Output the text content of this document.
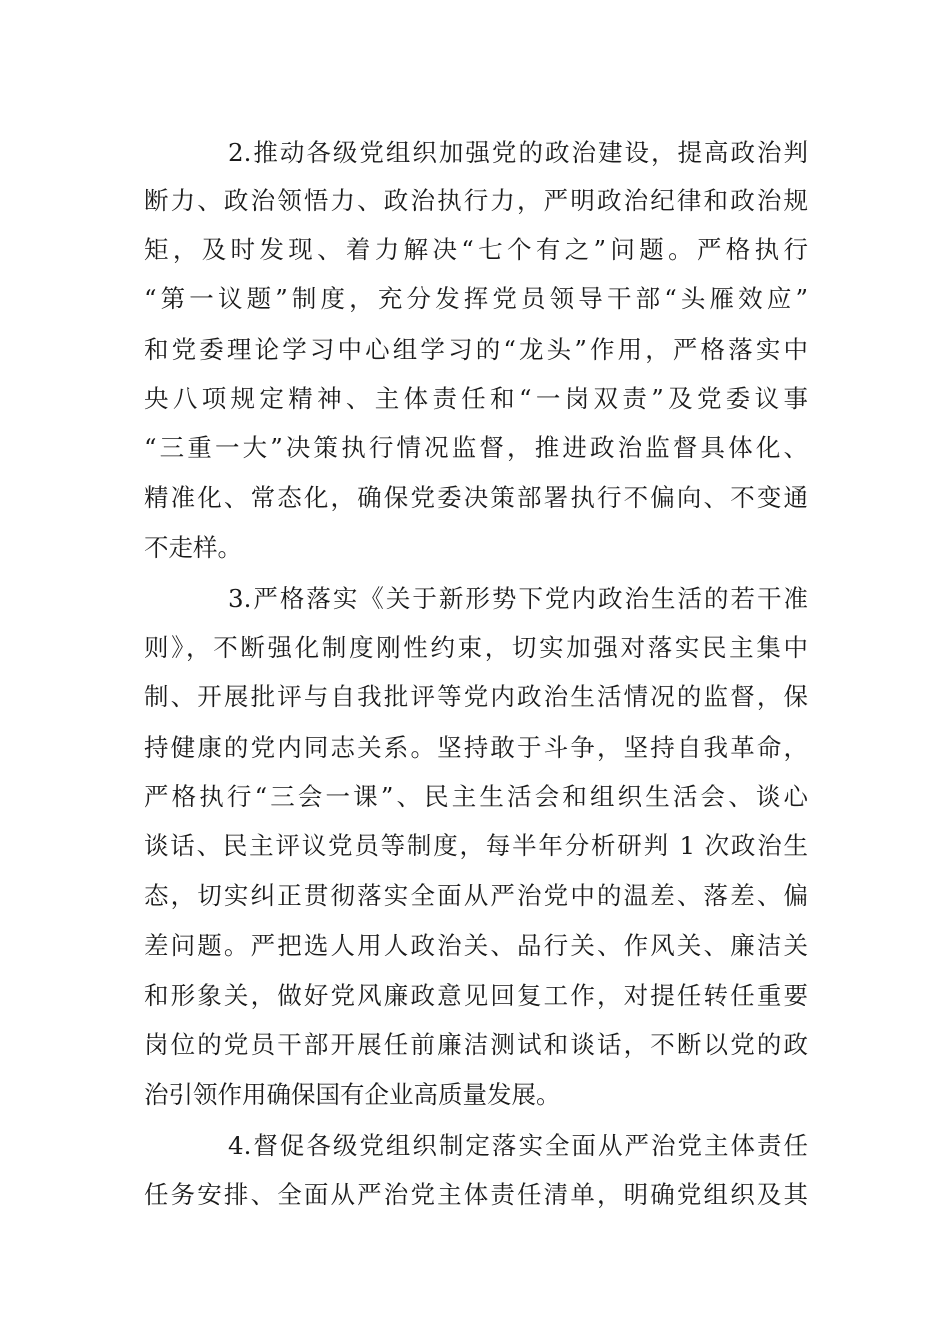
2.推动各级党组织加强党的政治建设，提高政治判
断力、政治领悟力、政治执行力，严明政治纪律和政治规
矩，及时发现、着力解决“七个有之”问题。严格执行
“第一议题”制度，充分发挥党员领导干部“头雁效应”
和党委理论学习中心组学习的“龙头”作用，严格落实中
央八项规定精神、主体责任和“一岗双责”及党委议事
“三重一大”决策执行情况监督，推进政治监督具体化、
精准化、常态化，确保党委决策部署执行不偏向、不变通
不走样。
3.严格落实《关于新形势下党内政治生活的若干准
则》，不断强化制度刚性约束，切实加强对落实民主集中
制、开展批评与自我批评等党内政治生活情况的监督，保
持健康的党内同志关系。坚持敢于斗争，坚持自我革命，
严格执行“三会一课”、民主生活会和组织生活会、谈心
谈话、民主评议党员等制度，每半年分析研判 1 次政治生
态，切实纠正贯彻落实全面从严治党中的温差、落差、偏
差问题。严把选人用人政治关、品行关、作风关、廉洁关
和形象关，做好党风廉政意见回复工作，对提任转任重要
岗位的党员干部开展任前廉洁测试和谈话，不断以党的政
治引领作用确保国有企业高质量发展。
4.督促各级党组织制定落实全面从严治党主体责任
任务安排、全面从严治党主体责任清单，明确党组织及其
